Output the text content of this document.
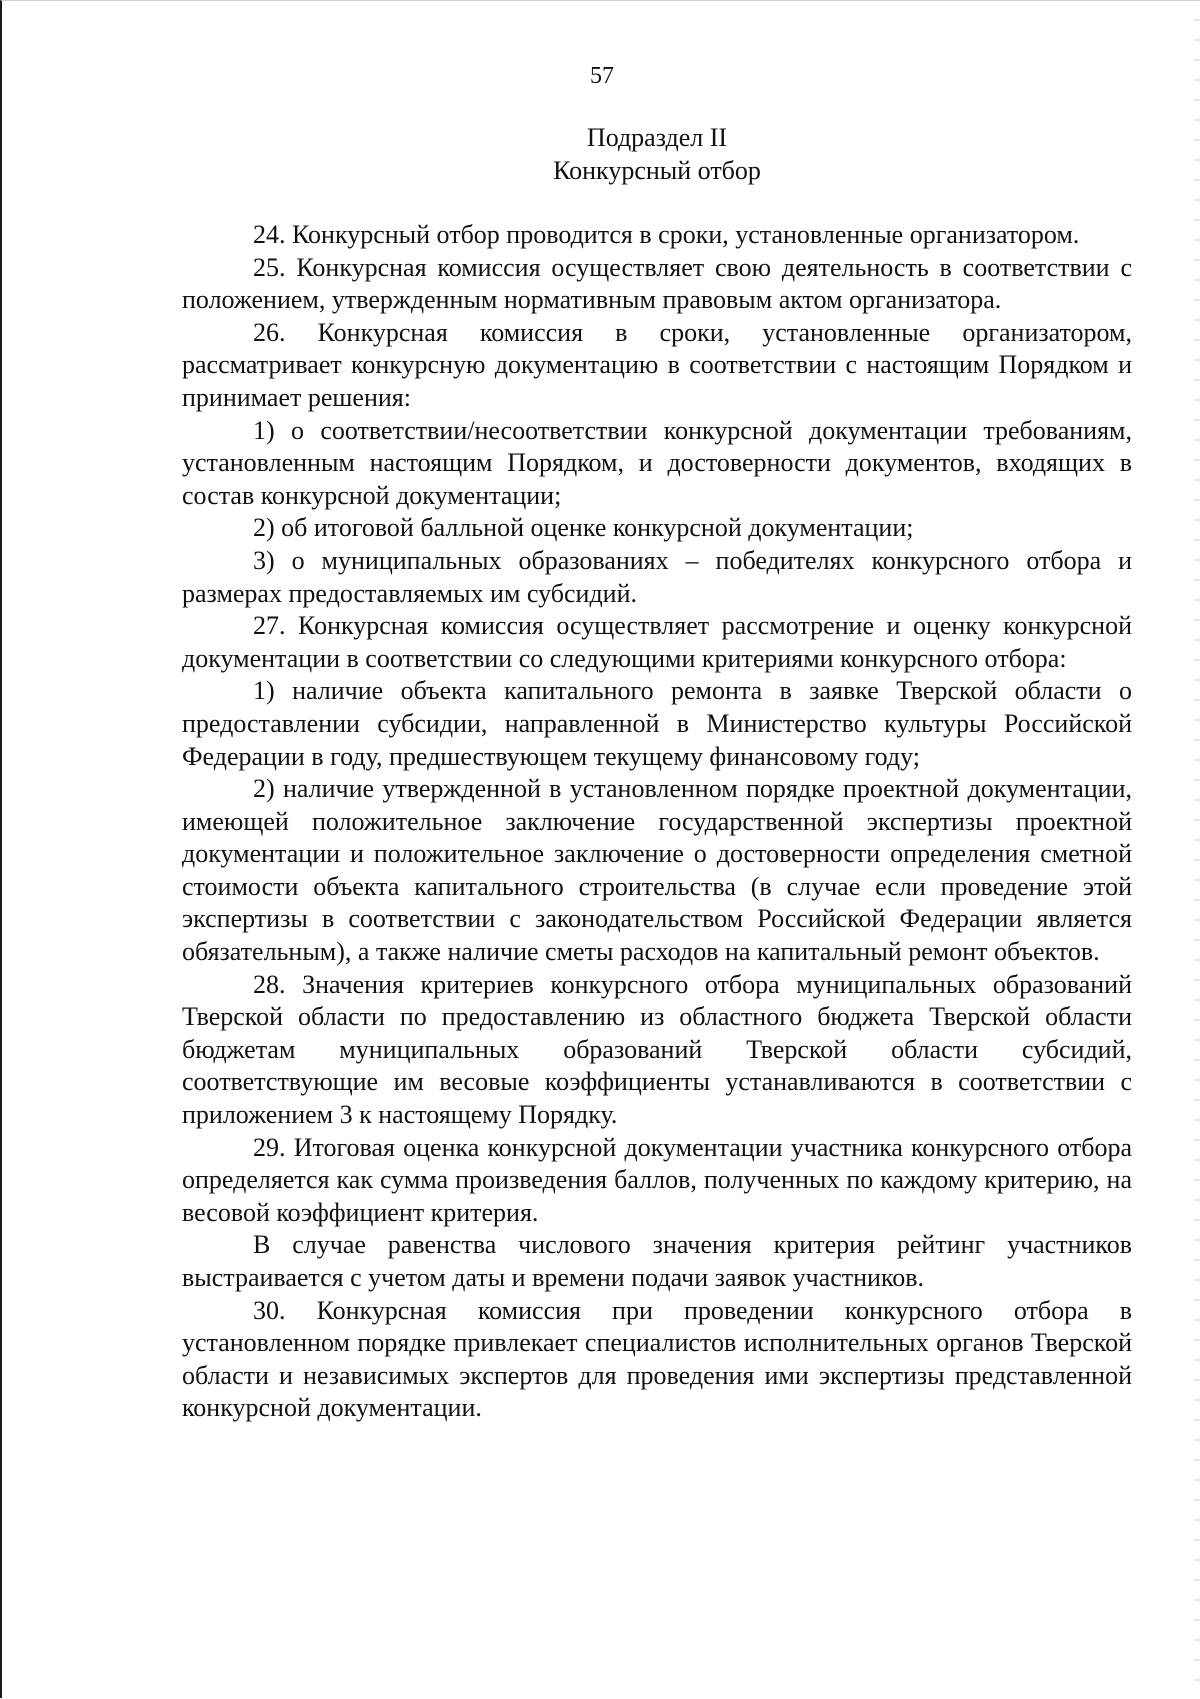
57
Подраздел II
Конкурсный отбор

24. Конкурсный отбор проводится в сроки, установленные организатором.

25. Конкурсная комиссия осуществляет свою деятельность в соответствии с положением, утвержденным нормативным правовым актом организатора.

26. Конкурсная комиссия в сроки, установленные организатором, рассматривает конкурсную документацию в соответствии с настоящим Порядком и принимает решения:

1) о соответствии/несоответствии конкурсной документации требованиям, установленным настоящим Порядком, и достоверности документов, входящих в состав конкурсной документации;

2) об итоговой балльной оценке конкурсной документации;

3) о муниципальных образованиях – победителях конкурсного отбора и размерах предоставляемых им субсидий.

27. Конкурсная комиссия осуществляет рассмотрение и оценку конкурсной документации в соответствии со следующими критериями конкурсного отбора:

1) наличие объекта капитального ремонта в заявке Тверской области о предоставлении субсидии, направленной в Министерство культуры Российской Федерации в году, предшествующем текущему финансовому году;

2) наличие утвержденной в установленном порядке проектной документации, имеющей положительное заключение государственной экспертизы проектной документации и положительное заключение о достоверности определения сметной стоимости объекта капитального строительства (в случае если проведение этой экспертизы в соответствии с законодательством Российской Федерации является обязательным), а также наличие сметы расходов на капитальный ремонт объектов.

28. Значения критериев конкурсного отбора муниципальных образований Тверской области по предоставлению из областного бюджета Тверской области бюджетам муниципальных образований Тверской области субсидий, соответствующие им весовые коэффициенты устанавливаются в соответствии с приложением 3 к настоящему Порядку.

29. Итоговая оценка конкурсной документации участника конкурсного отбора определяется как сумма произведения баллов, полученных по каждому критерию, на весовой коэффициент критерия.

В случае равенства числового значения критерия рейтинг участников выстраивается с учетом даты и времени подачи заявок участников.

30. Конкурсная комиссия при проведении конкурсного отбора в установленном порядке привлекает специалистов исполнительных органов Тверской области и независимых экспертов для проведения ими экспертизы представленной конкурсной документации.
